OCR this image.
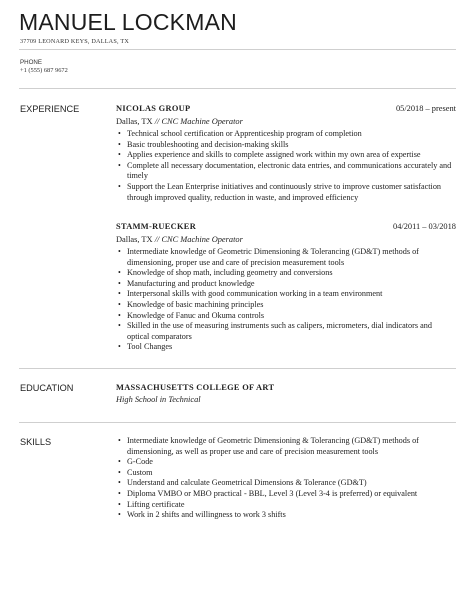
MANUEL LOCKMAN
37709 LEONARD KEYS, DALLAS, TX
PHONE
+1 (555) 687 9672
EXPERIENCE	NICOLAS GROUP	05/2018 – present
Dallas, TX // CNC Machine Operator
• Technical school certification or Apprenticeship program of completion
• Basic troubleshooting and decision-making skills
• Applies experience and skills to complete assigned work within my own area of expertise
• Complete all necessary documentation, electronic data entries, and communications accurately and timely
• Support the Lean Enterprise initiatives and continuously strive to improve customer satisfaction through improved quality, reduction in waste, and improved efficiency
STAMM-RUECKER	04/2011 – 03/2018
Dallas, TX // CNC Machine Operator
• Intermediate knowledge of Geometric Dimensioning & Tolerancing (GD&T) methods of dimensioning, proper use and care of precision measurement tools
• Knowledge of shop math, including geometry and conversions
• Manufacturing and product knowledge
• Interpersonal skills with good communication working in a team environment
• Knowledge of basic machining principles
• Knowledge of Fanuc and Okuma controls
• Skilled in the use of measuring instruments such as calipers, micrometers, dial indicators and optical comparators
• Tool Changes
EDUCATION	MASSACHUSETTS COLLEGE OF ART
High School in Technical
SKILLS	• Intermediate knowledge of Geometric Dimensioning & Tolerancing (GD&T) methods of dimensioning, as well as proper use and care of precision measurement tools
• G-Code
• Custom
• Understand and calculate Geometrical Dimensions & Tolerance (GD&T)
• Diploma VMBO or MBO practical - BBL, Level 3 (Level 3-4 is preferred) or equivalent
• Lifting certificate
• Work in 2 shifts and willingness to work 3 shifts
